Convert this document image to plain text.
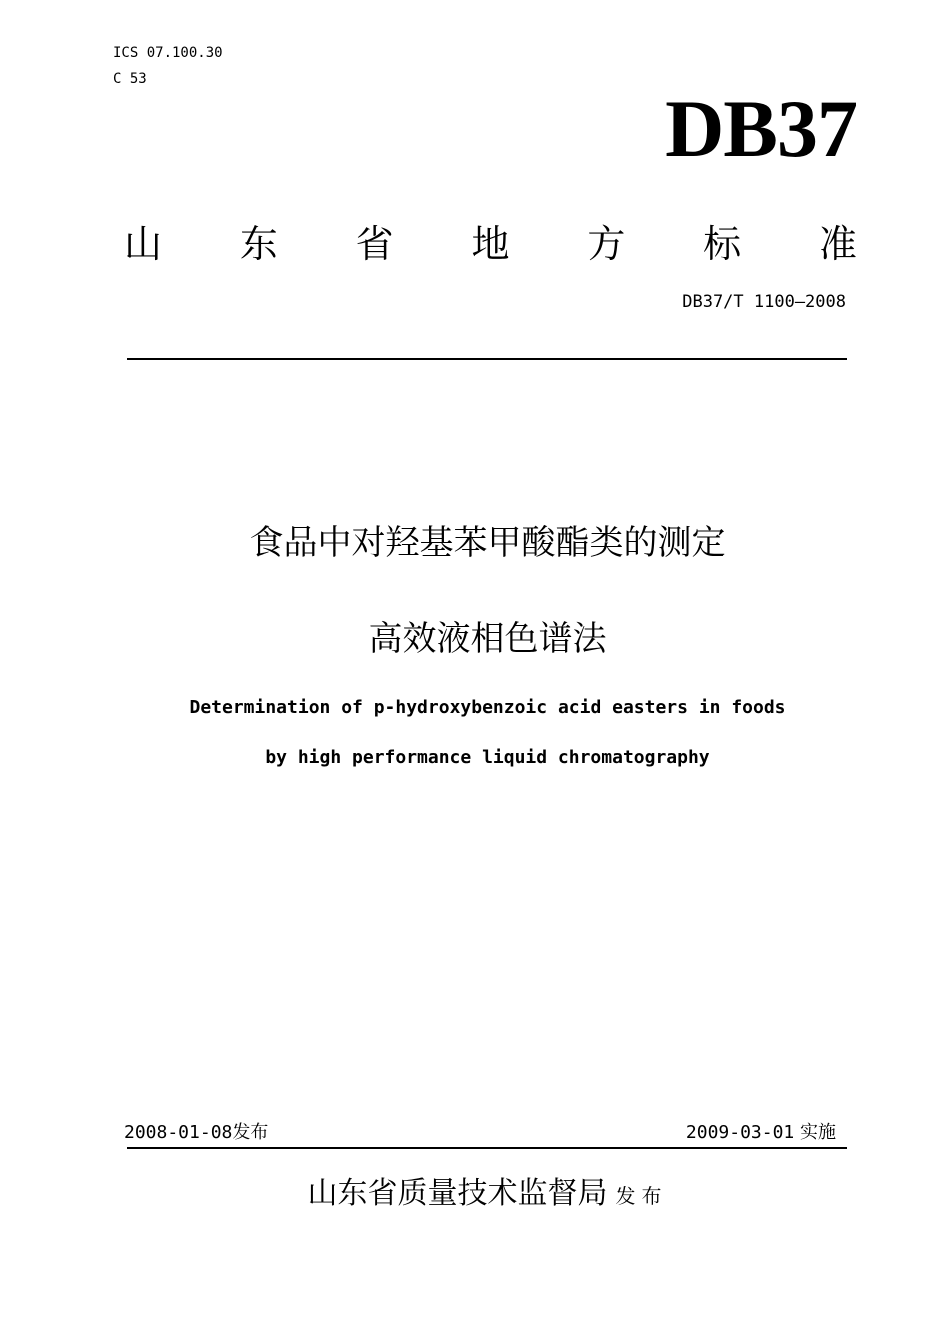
ICS 07.100.30
C 53
DB37
山 东 省 地 方 标 准
DB37/T 1100—2008
食品中对羟基苯甲酸酯类的测定
高效液相色谱法
Determination of p-hydroxybenzoic acid easters in foods
by high performance liquid chromatography
2008-01-08发布	2009-03-01 实施
山东省质量技术监督局 发布
